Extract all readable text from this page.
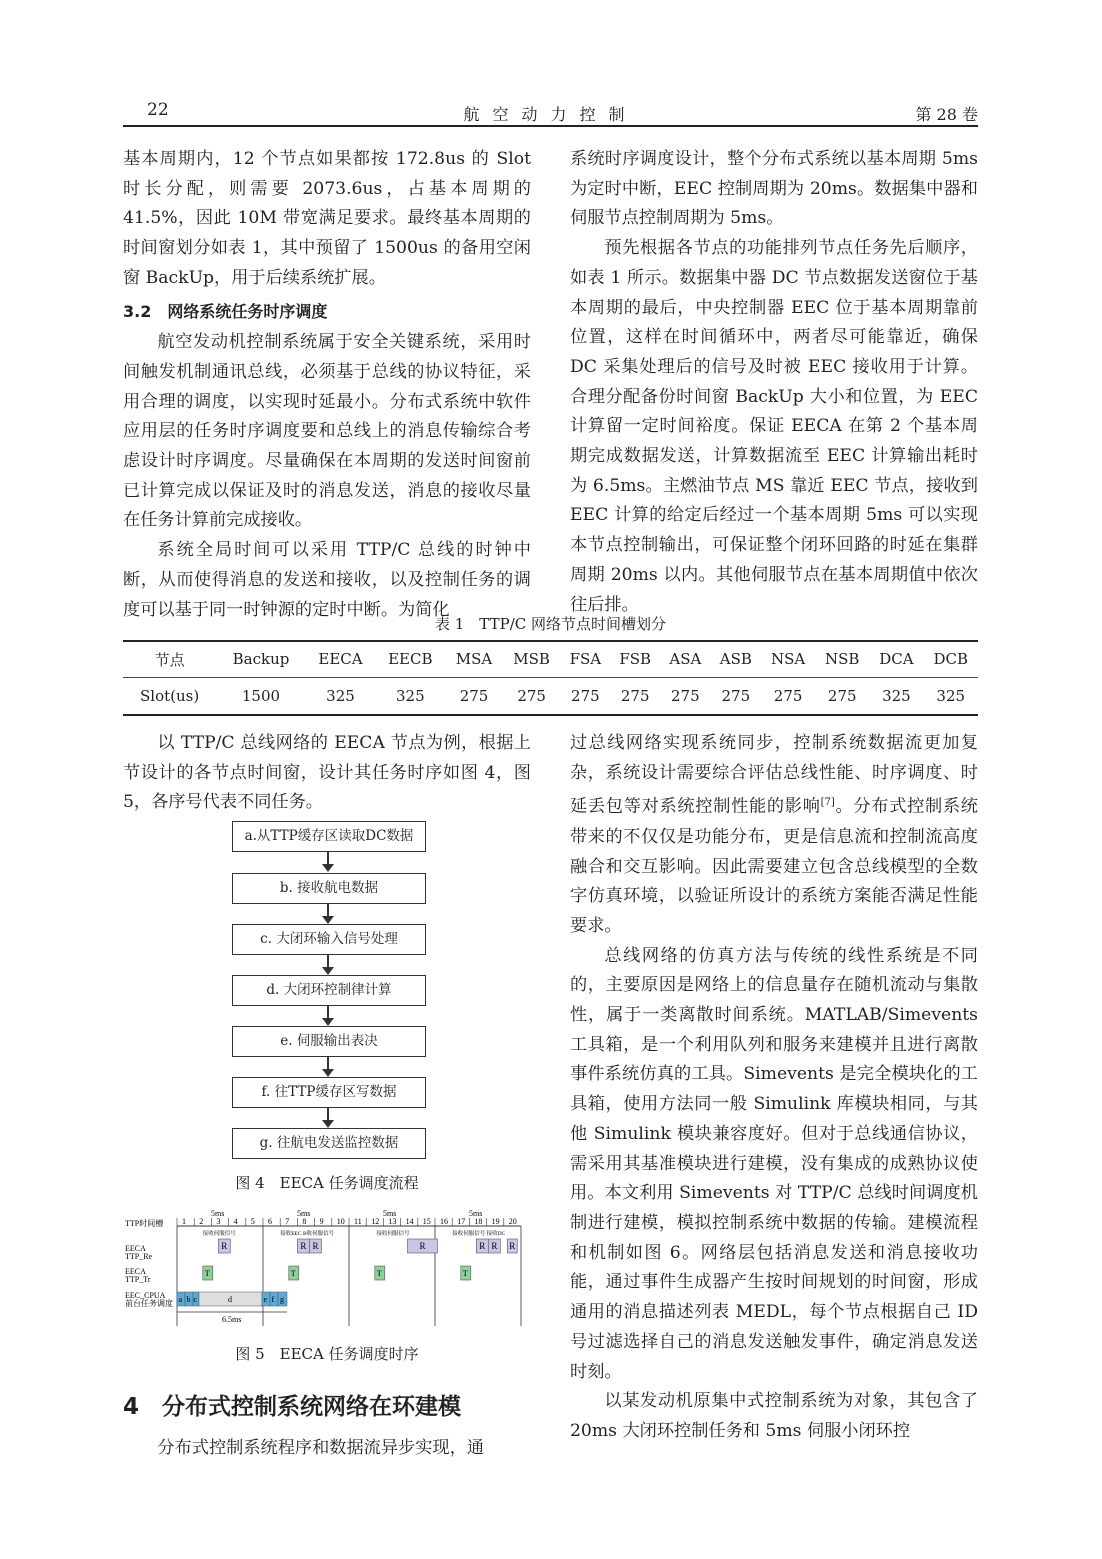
22	航空动力控制	第 28 卷

基本周期内，12 个节点如果都按 172.8us 的 Slot 时长分配，则需要 2073.6us，占基本周期的 41.5%，因此 10M 带宽满足要求。最终基本周期的时间窗划分如表 1，其中预留了 1500us 的备用空闲窗 BackUp，用于后续系统扩展。

3.2　网络系统任务时序调度

航空发动机控制系统属于安全关键系统，采用时间触发机制通讯总线，必须基于总线的协议特征，采用合理的调度，以实现时延最小。分布式系统中软件应用层的任务时序调度要和总线上的消息传输综合考虑设计时序调度。尽量确保在本周期的发送时间窗前已计算完成以保证及时的消息发送，消息的接收尽量在任务计算前完成接收。

系统全局时间可以采用 TTP/C 总线的时钟中断，从而使得消息的发送和接收，以及控制任务的调度可以基于同一时钟源的定时中断。为简化

系统时序调度设计，整个分布式系统以基本周期 5ms 为定时中断，EEC 控制周期为 20ms。数据集中器和伺服节点控制周期为 5ms。

预先根据各节点的功能排列节点任务先后顺序，如表 1 所示。数据集中器 DC 节点数据发送窗位于基本周期的最后，中央控制器 EEC 位于基本周期靠前位置，这样在时间循环中，两者尽可能靠近，确保 DC 采集处理后的信号及时被 EEC 接收用于计算。合理分配备份时间窗 BackUp 大小和位置，为 EEC 计算留一定时间裕度。保证 EECA 在第 2 个基本周期完成数据发送，计算数据流至 EEC 计算输出耗时为 6.5ms。主燃油节点 MS 靠近 EEC 节点，接收到 EEC 计算的给定后经过一个基本周期 5ms 可以实现本节点控制输出，可保证整个闭环回路的时延在集群周期 20ms 以内。其他伺服节点在基本周期值中依次往后排。

表 1　TTP/C 网络节点时间槽划分
节点	Backup	EECA	EECB	MSA	MSB	FSA	FSB	ASA	ASB	NSA	NSB	DCA	DCB
Slot(us)	1500	325	325	275	275	275	275	275	275	275	275	325	325

以 TTP/C 总线网络的 EECA 节点为例，根据上节设计的各节点时间窗，设计其任务时序如图 4，图 5，各序号代表不同任务。

a.从TTP缓存区读取DC数据
b. 接收航电数据
c. 大闭环输入信号处理
d. 大闭环控制律计算
e. 伺服输出表决
f. 往TTP缓存区写数据
g. 往航电发送监控数据
图 4　EECA 任务调度流程
TTP时间槽
EECA
TTP_Re
EECA
TTP_Tr
EEC_CPUA
前台任务调度
5ms	5ms	5ms	5ms
1 2 3 4 5 6 7 8 9 10 11 12 13 14 15 16 17 18 19 20
接收伺服信号	接收EEC B收伺服信号	接收伺服信号	接收伺服信号 接收DC
R	R R	R	R R R
T	T	T	T
a b c	d	e f g
6.5ms
图 5　EECA 任务调度时序
4　分布式控制系统网络在环建模

分布式控制系统程序和数据流异步实现，通

过总线网络实现系统同步，控制系统数据流更加复杂，系统设计需要综合评估总线性能、时序调度、时延丢包等对系统控制性能的影响[7]。分布式控制系统带来的不仅仅是功能分布，更是信息流和控制流高度融合和交互影响。因此需要建立包含总线模型的全数字仿真环境，以验证所设计的系统方案能否满足性能要求。

总线网络的仿真方法与传统的线性系统是不同的，主要原因是网络上的信息量存在随机流动与集散性，属于一类离散时间系统。MATLAB/Simevents 工具箱，是一个利用队列和服务来建模并且进行离散事件系统仿真的工具。Simevents 是完全模块化的工具箱，使用方法同一般 Simulink 库模块相同，与其他 Simulink 模块兼容度好。但对于总线通信协议，需采用其基准模块进行建模，没有集成的成熟协议使用。本文利用 Simevents 对 TTP/C 总线时间调度机制进行建模，模拟控制系统中数据的传输。建模流程和机制如图 6。网络层包括消息发送和消息接收功能，通过事件生成器产生按时间规划的时间窗，形成通用的消息描述列表 MEDL，每个节点根据自己 ID 号过滤选择自己的消息发送触发事件，确定消息发送时刻。

以某发动机原集中式控制系统为对象，其包含了 20ms 大闭环控制任务和 5ms 伺服小闭环控
